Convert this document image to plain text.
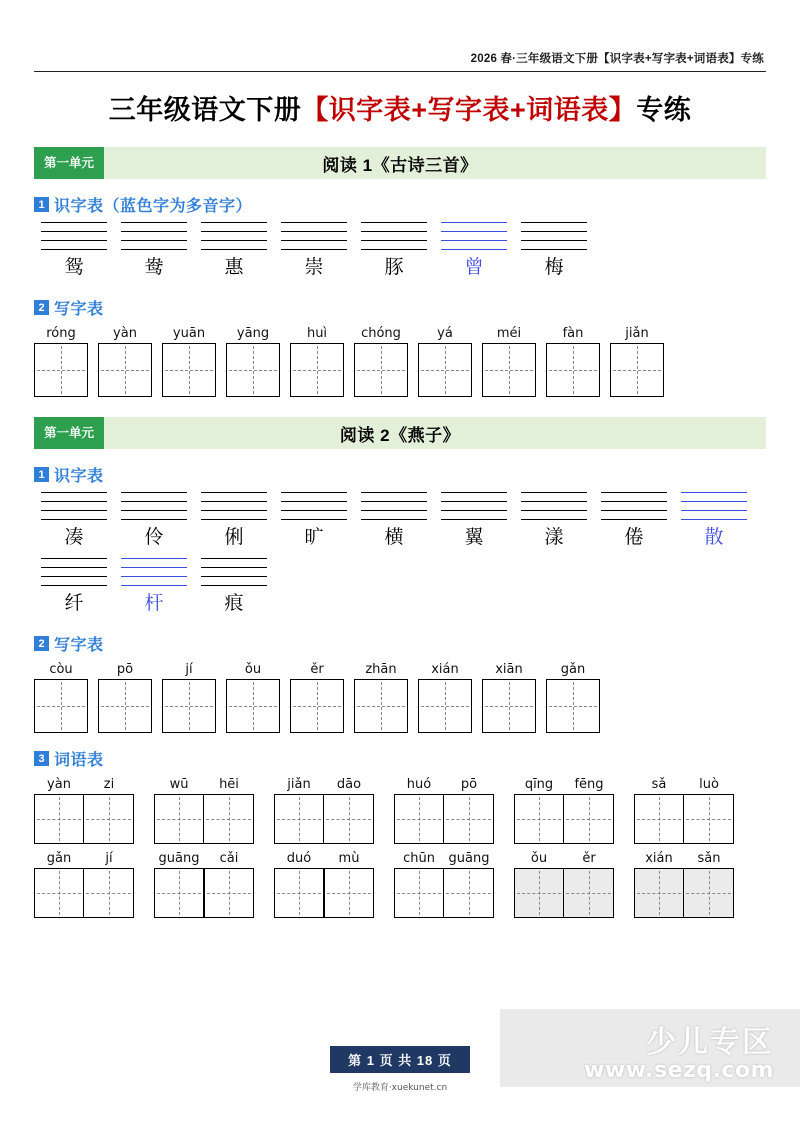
2026 春·三年级语文下册【识字表+写字表+词语表】专练
三年级语文下册【识字表+写字表+词语表】专练
第一单元	阅读 1《古诗三首》
1 识字表（蓝色字为多音字）
鸳	鸯	惠	崇	豚	曾	梅
2 写字表
róng	yàn	yuān	yāng	huì	chóng	yá	méi	fàn	jiǎn
第一单元	阅读 2《燕子》
1 识字表
凑	伶	俐	旷	横	翼	漾	倦	散
纤	杆	痕
2 写字表
còu	pō	jí	ǒu	ěr	zhān	xián	xiān	gǎn
3 词语表
yàn	zi	wū	hēi	jiǎn	dāo	huó	pō	qīng	fēng	sǎ	luò
gǎn	jí	guāng	cǎi	duó	mù	chūn	guāng	ǒu	ěr	xián	sǎn
少儿专区
www.sezq.com
第 1 页 共 18 页
学库教育·xuekunet.cn
